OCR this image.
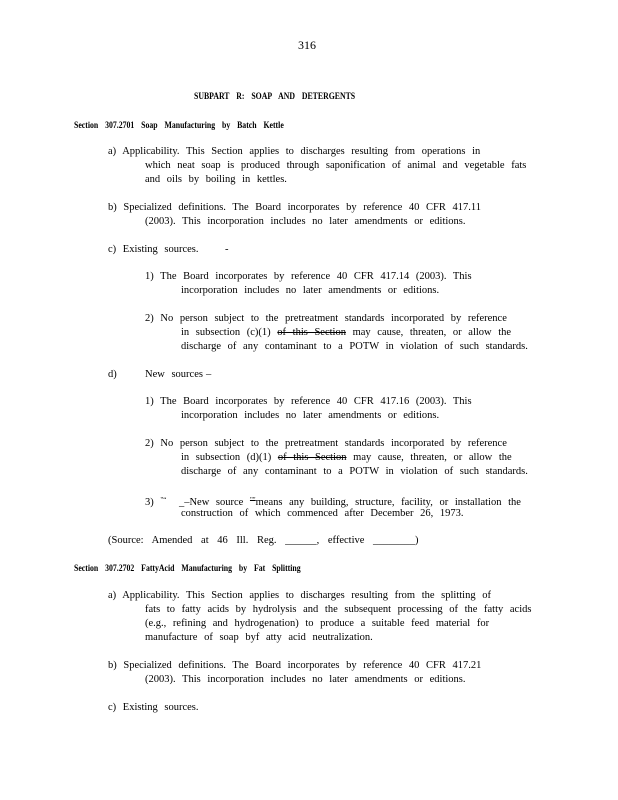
316
SUBPART R: SOAP AND DETERGENTS
Section 307.2701 Soap Manufacturing by Batch Kettle
a) Applicability. This Section applies to discharges resulting from operations in
which neat soap is produced through saponification of animal and vegetable fats
and oils by boiling in kettles.
b) Specialized definitions. The Board incorporates by reference 40 CFR 417.11
(2003). This incorporation includes no later amendments or editions.
c) Existing sources.	-
1) The Board incorporates by reference 40 CFR 417.14 (2003). This
incorporation includes no later amendments or editions.
2) No person subject to the pretreatment standards incorporated by reference
in subsection (c)(1) of this Section may cause, threaten, or allow the
discharge of any contaminant to a POTW in violation of such standards.
d)	New sources –
1) The Board incorporates by reference 40 CFR 417.16 (2003). This
incorporation includes no later amendments or editions.
2) No person subject to the pretreatment standards incorporated by reference
in subsection (d)(1) of this Section may cause, threaten, or allow the
discharge of any contaminant to a POTW in violation of such standards.
3) "“ _–New source ""means any building, structure, facility, or installation the
construction of which commenced after December 26, 1973.
(Source: Amended at 46 Ill. Reg. ______, effective ________)
Section 307.2702 FattyAcid Manufacturing by Fat Splitting
a) Applicability. This Section applies to discharges resulting from the splitting of
fats to fatty acids by hydrolysis and the subsequent processing of the fatty acids
(e.g., refining and hydrogenation) to produce a suitable feed material for
manufacture of soap byf atty acid neutralization.
b) Specialized definitions. The Board incorporates by reference 40 CFR 417.21
(2003). This incorporation includes no later amendments or editions.
c) Existing sources.
